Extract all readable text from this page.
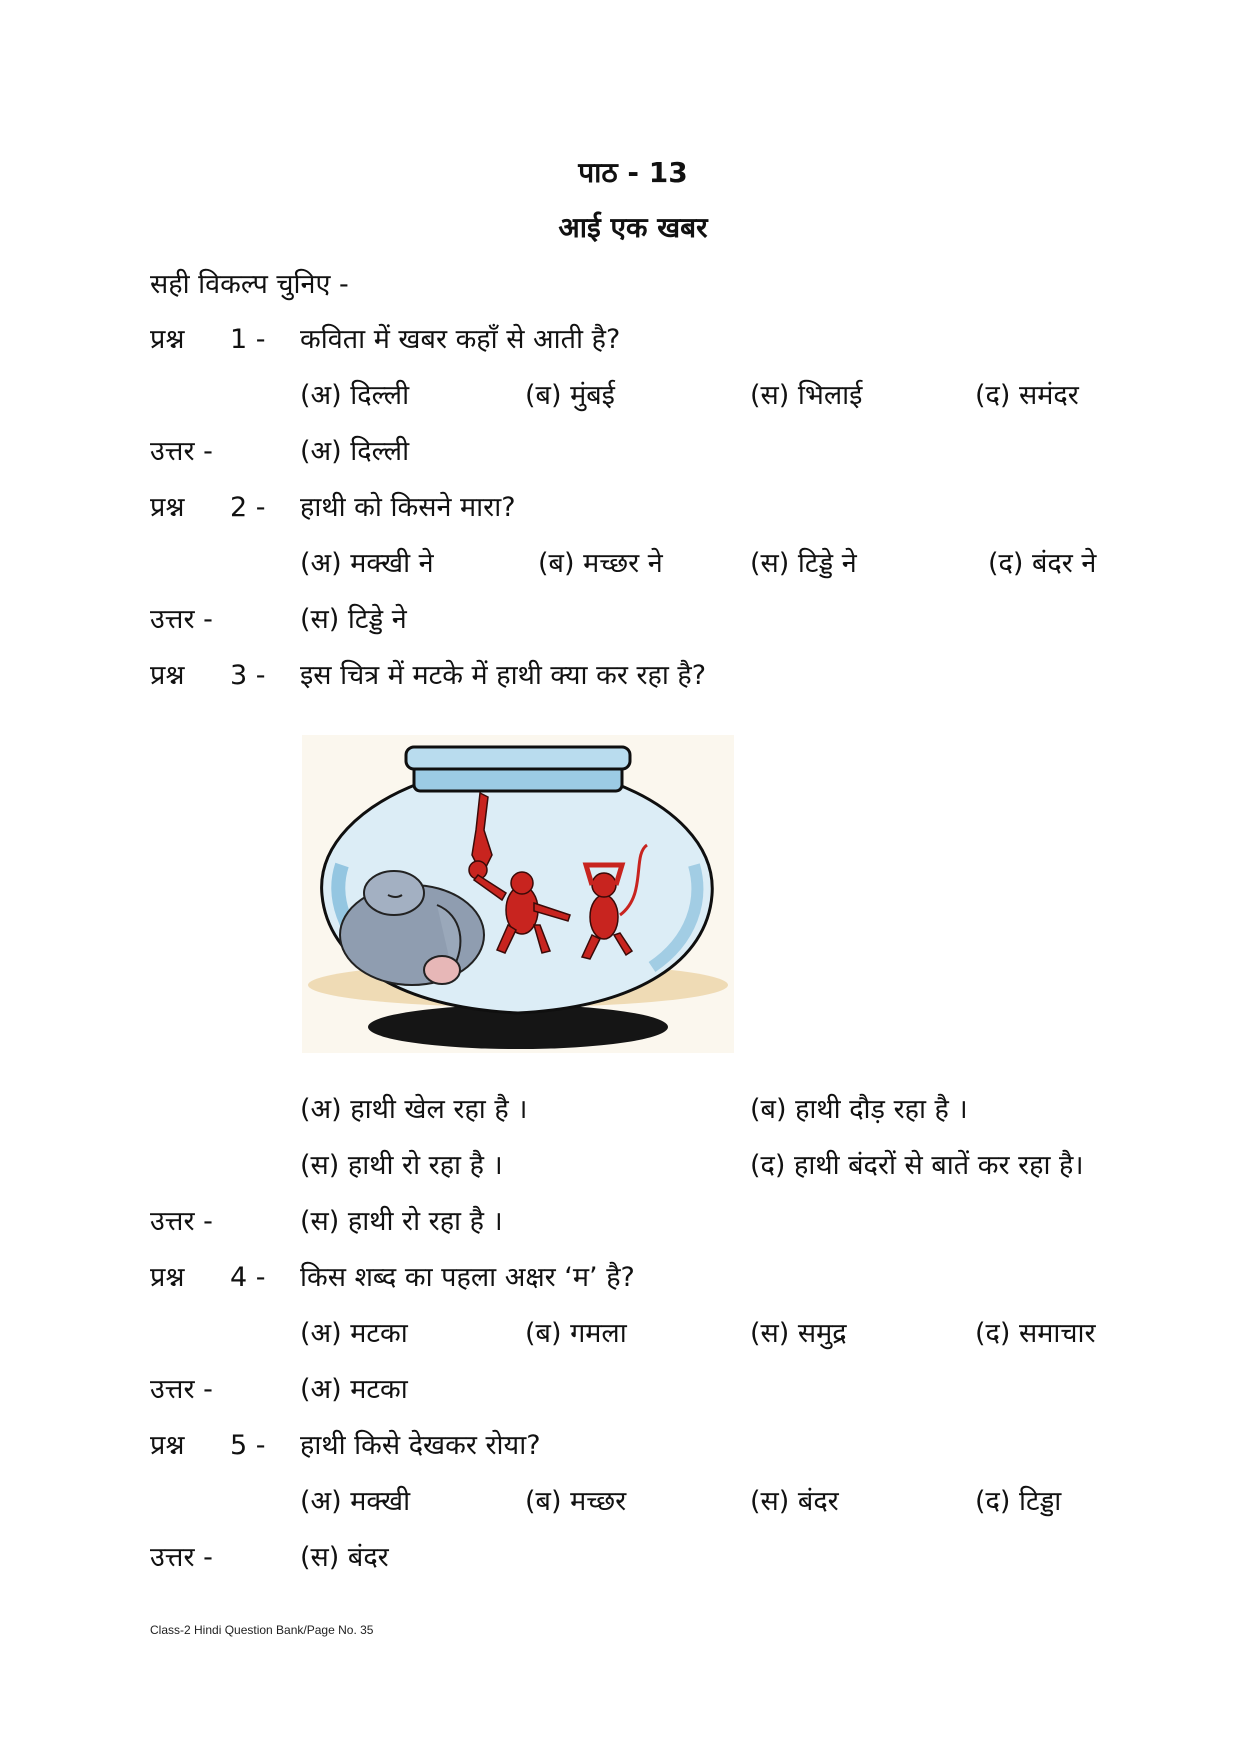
पाठ - 13
आई एक खबर
सही विकल्प चुनिए -
प्रश्न 1 - कविता में खबर कहाँ से आती है?
(अ) दिल्ली	(ब) मुंबई	(स) भिलाई	(द) समंदर
उत्तर -	(अ) दिल्ली
प्रश्न 2 - हाथी को किसने मारा?
(अ) मक्खी ने	(ब) मच्छर ने	(स) टिड्डे ने	(द) बंदर ने
उत्तर -	(स) टिड्डे ने
प्रश्न 3 - इस चित्र में मटके में हाथी क्या कर रहा है?
(अ) हाथी खेल रहा है ।	(ब) हाथी दौड़ रहा है ।
(स) हाथी रो रहा है ।	(द) हाथी बंदरों से बातें कर रहा है।
उत्तर -	(स) हाथी रो रहा है ।
प्रश्न 4 - किस शब्द का पहला अक्षर ‘म’ है?
(अ) मटका	(ब) गमला	(स) समुद्र	(द) समाचार
उत्तर -	(अ) मटका
प्रश्न 5 - हाथी किसे देखकर रोया?
(अ) मक्खी	(ब) मच्छर	(स) बंदर	(द) टिड्डा
उत्तर -	(स) बंदर
Class-2 Hindi Question Bank/Page No. 35
